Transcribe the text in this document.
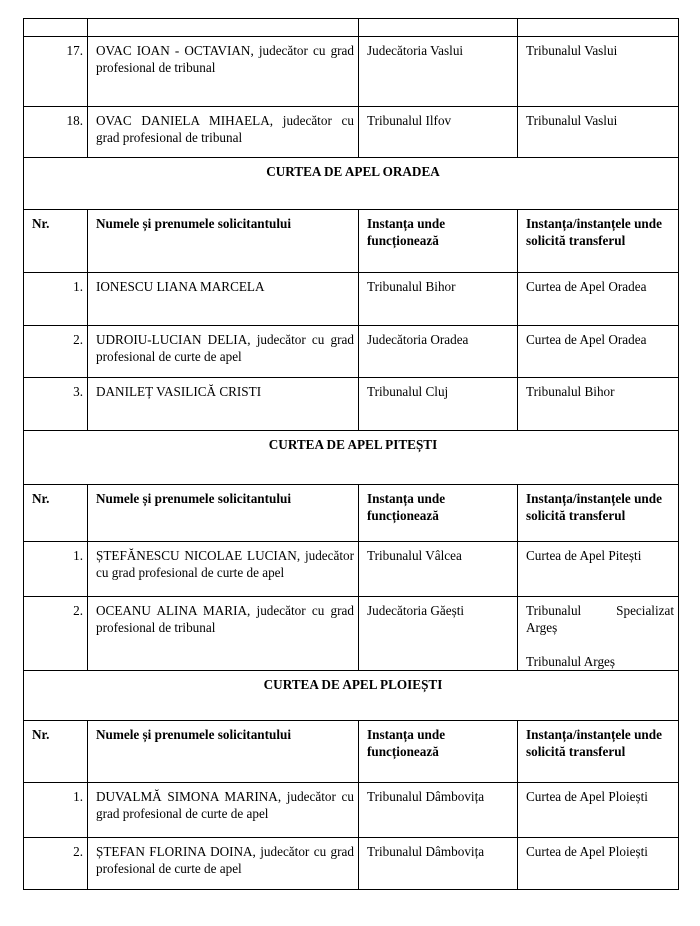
17.	OVAC IOAN - OCTAVIAN, judecător cu grad profesional de tribunal	Judecătoria Vaslui	Tribunalul Vaslui
18.	OVAC DANIELA MIHAELA, judecător cu grad profesional de tribunal	Tribunalul Ilfov	Tribunalul Vaslui
CURTEA DE APEL ORADEA			
Nr.	Numele și prenumele solicitantului	Instanța unde funcționează	Instanța/instanțele unde solicită transferul
1.	IONESCU LIANA MARCELA	Tribunalul Bihor	Curtea de Apel Oradea
2.	UDROIU-LUCIAN DELIA, judecător cu grad profesional de curte de apel	Judecătoria Oradea	Curtea de Apel Oradea
3.	DANILEȚ VASILICĂ CRISTI	Tribunalul Cluj	Tribunalul Bihor
CURTEA DE APEL PITEȘTI			
Nr.	Numele și prenumele solicitantului	Instanța unde funcționează	Instanța/instanțele unde solicită transferul
1.	ȘTEFĂNESCU NICOLAE LUCIAN, judecător cu grad profesional de curte de apel	Tribunalul Vâlcea	Curtea de Apel Pitești
2.	OCEANU ALINA MARIA, judecător cu grad profesional de tribunal	Judecătoria Găești	Tribunalul Specializat Argeș
Tribunalul Argeș

CURTEA DE APEL PLOIEȘTI			
Nr.	Numele și prenumele solicitantului	Instanța unde funcționează	Instanța/instanțele unde solicită transferul
1.	DUVALMĂ SIMONA MARINA, judecător cu grad profesional de curte de apel	Tribunalul Dâmbovița	Curtea de Apel Ploiești
2.	ȘTEFAN FLORINA DOINA, judecător cu grad profesional de curte de apel	Tribunalul Dâmbovița	Curtea de Apel Ploiești
